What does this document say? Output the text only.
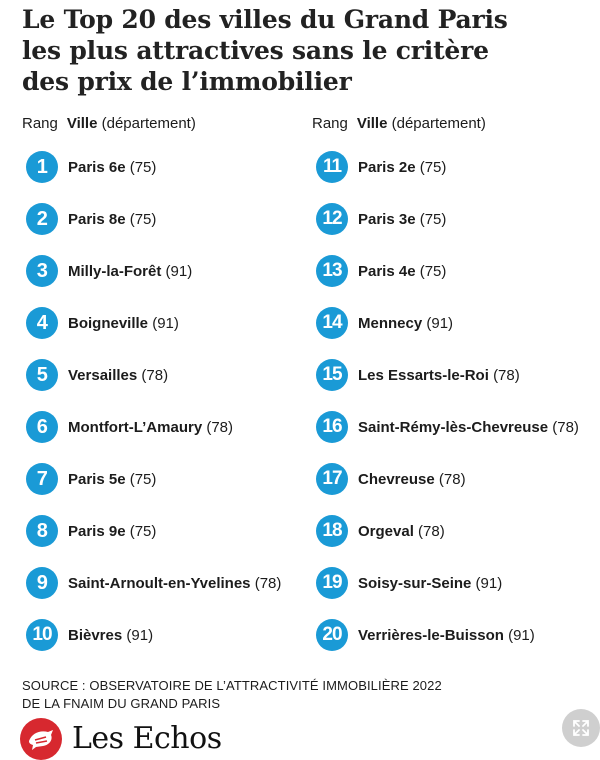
Le Top 20 des villes du Grand Paris
les plus attractives sans le critère
des prix de l’immobilier
Rang Ville (département)	Rang Ville (département)
1	Paris 6e (75)
2	Paris 8e (75)
3	Milly-la-Forêt (91)
4	Boigneville (91)
5	Versailles (78)
6	Montfort-L’Amaury (78)
7	Paris 5e (75)
8	Paris 9e (75)
9	Saint-Arnoult-en-Yvelines (78)
10	Bièvres (91)
11	Paris 2e (75)
12	Paris 3e (75)
13	Paris 4e (75)
14	Mennecy (91)
15	Les Essarts-le-Roi (78)
16	Saint-Rémy-lès-Chevreuse (78)
17	Chevreuse (78)
18	Orgeval (78)
19	Soisy-sur-Seine (91)
20	Verrières-le-Buisson (91)
SOURCE : OBSERVATOIRE DE L’ATTRACTIVITÉ IMMOBILIÈRE 2022
DE LA FNAIM DU GRAND PARIS
Les Echos
